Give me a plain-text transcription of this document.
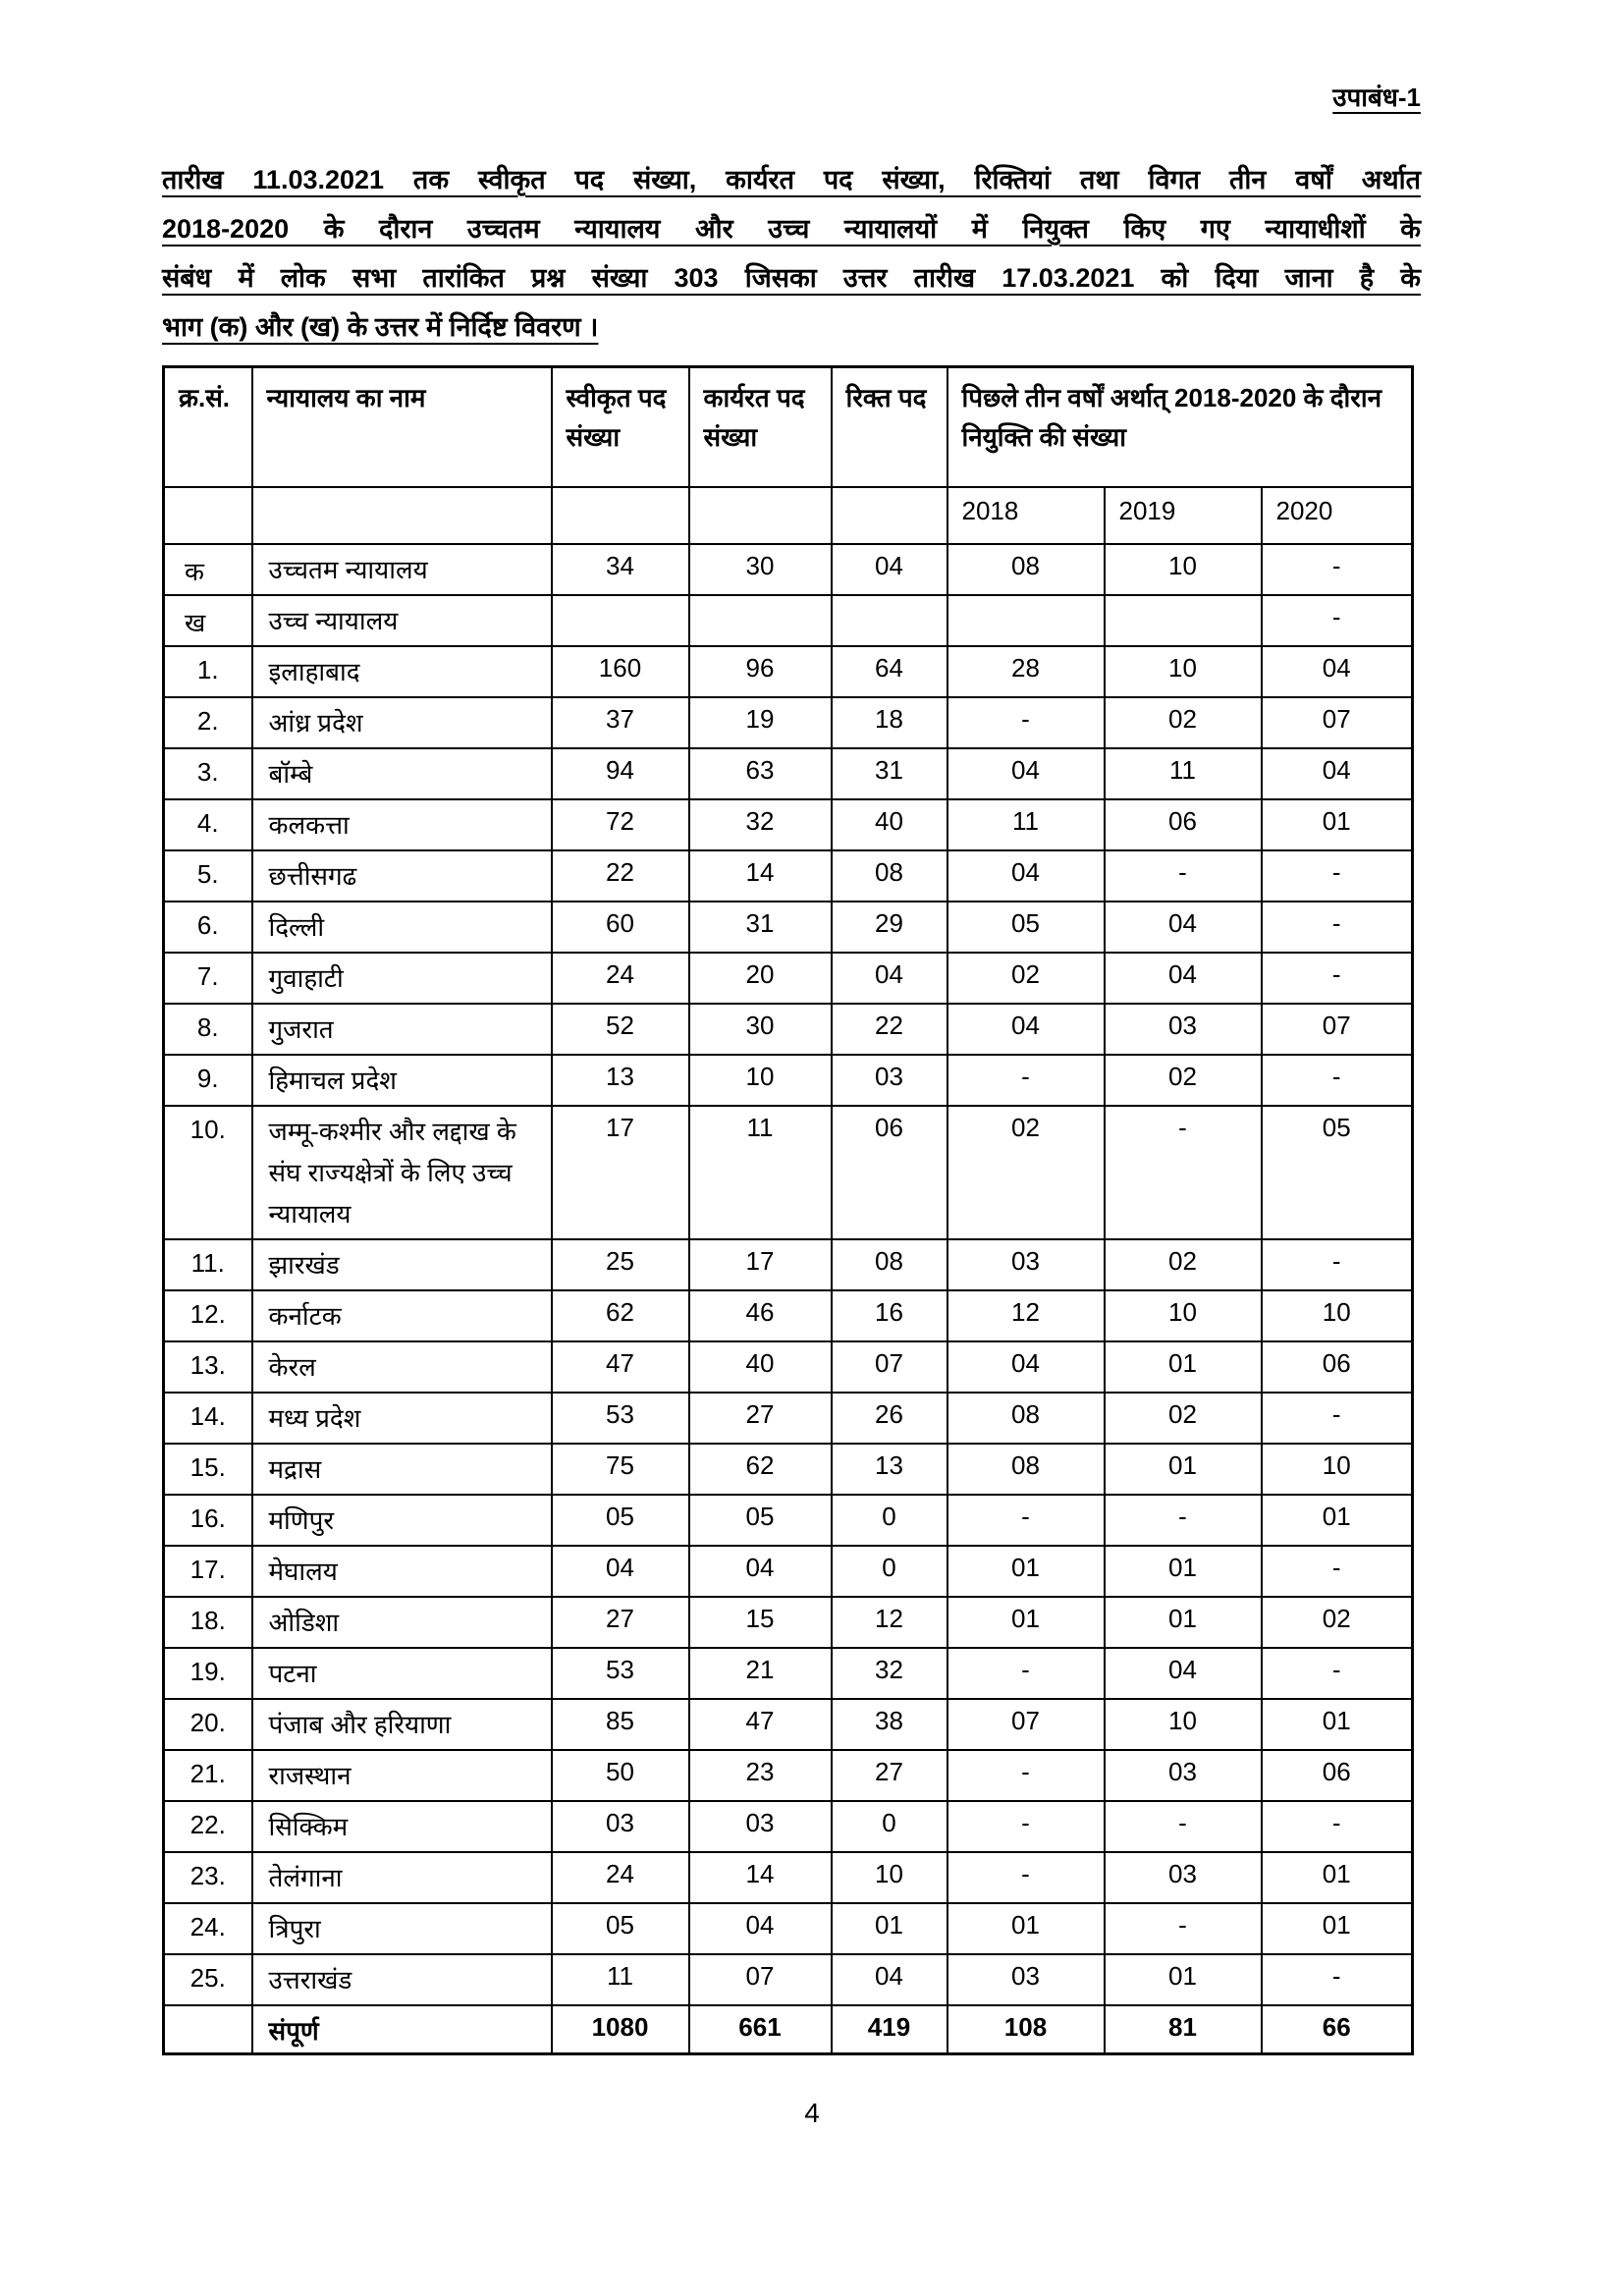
उपाबंध-1
तारीख 11.03.2021 तक स्वीकृत पद संख्या, कार्यरत पद संख्या, रिक्तियां तथा विगत तीन वर्षों अर्थात
2018-2020 के दौरान उच्चतम न्यायालय और उच्च न्यायालयों में नियुक्त किए गए न्यायाधीशों के
संबंध में लोक सभा तारांकित प्रश्न संख्या 303 जिसका उत्तर तारीख 17.03.2021 को दिया जाना है के
भाग (क) और (ख) के उत्तर में निर्दिष्ट विवरण ।
क्र.सं.	न्यायालय का नाम	स्वीकृत पद संख्या	कार्यरत पद संख्या	रिक्त पद	पिछले तीन वर्षों अर्थात् 2018-2020 के दौरान नियुक्ति की संख्या		
					2018	2019	2020
क	उच्चतम न्यायालय	34	30	04	08	10	-
ख	उच्च न्यायालय						-
1.	इलाहाबाद	160	96	64	28	10	04
2.	आंध्र प्रदेश	37	19	18	-	02	07
3.	बॉम्बे	94	63	31	04	11	04
4.	कलकत्ता	72	32	40	11	06	01
5.	छत्तीसगढ	22	14	08	04	-	-
6.	दिल्ली	60	31	29	05	04	-
7.	गुवाहाटी	24	20	04	02	04	-
8.	गुजरात	52	30	22	04	03	07
9.	हिमाचल प्रदेश	13	10	03	-	02	-
10.	जम्मू-कश्मीर और लद्दाख के संघ राज्यक्षेत्रों के लिए उच्च न्यायालय	17	11	06	02	-	05
11.	झारखंड	25	17	08	03	02	-
12.	कर्नाटक	62	46	16	12	10	10
13.	केरल	47	40	07	04	01	06
14.	मध्य प्रदेश	53	27	26	08	02	-
15.	मद्रास	75	62	13	08	01	10
16.	मणिपुर	05	05	0	-	-	01
17.	मेघालय	04	04	0	01	01	-
18.	ओडिशा	27	15	12	01	01	02
19.	पटना	53	21	32	-	04	-
20.	पंजाब और हरियाणा	85	47	38	07	10	01
21.	राजस्थान	50	23	27	-	03	06
22.	सिक्किम	03	03	0	-	-	-
23.	तेलंगाना	24	14	10	-	03	01
24.	त्रिपुरा	05	04	01	01	-	01
25.	उत्तराखंड	11	07	04	03	01	-
	संपूर्ण	1080	661	419	108	81	66
4
